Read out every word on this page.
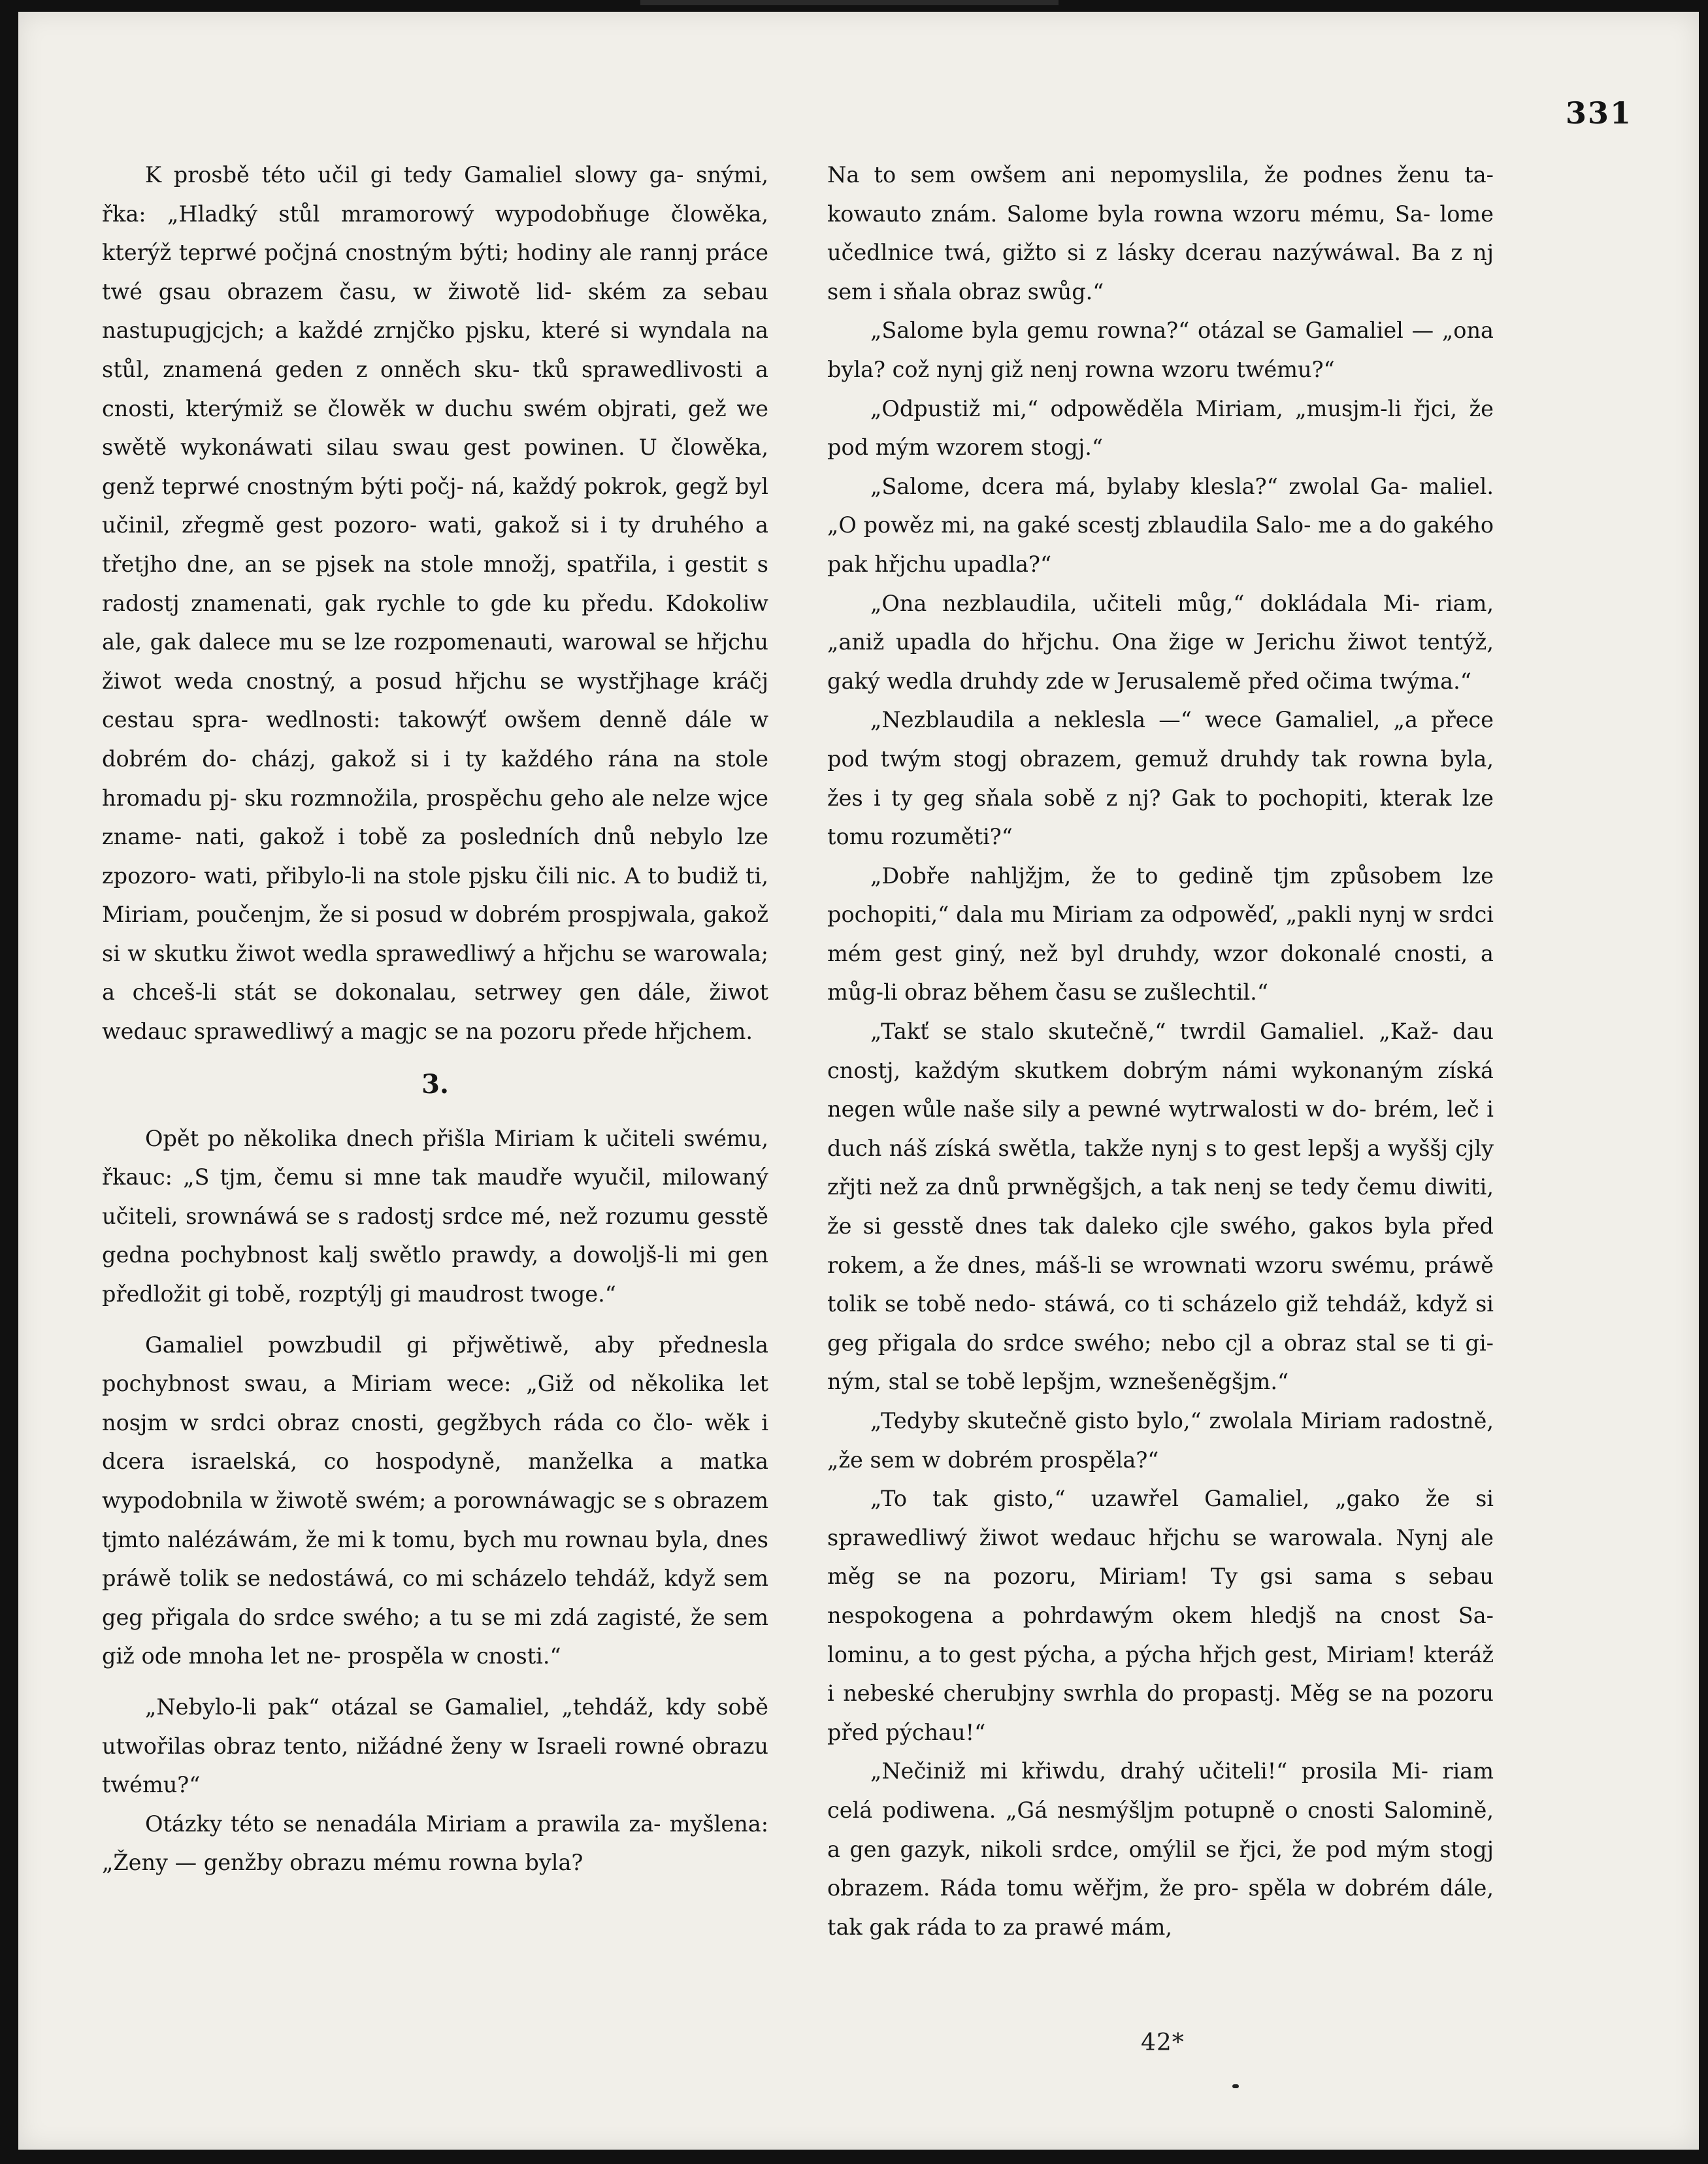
331

K prosbě této učil gi tedy Gamaliel slowy ga- snými, řka: „Hladký stůl mramorowý wypodobňuge člowěka, kterýž teprwé počjná cnostným býti; hodiny ale rannj práce twé gsau obrazem času, w žiwotě lid- ském za sebau nastupugjcjch; a každé zrnjčko pjsku, které si wyndala na stůl, znamená geden z onněch sku- tků sprawedlivosti a cnosti, kterýmiž se člowěk w duchu swém objrati, gež we swětě wykonáwati silau swau gest powinen. U člowěka, genž teprwé cnostným býti počj- ná, každý pokrok, gegž byl učinil, zřegmě gest pozoro- wati, gakož si i ty druhého a třetjho dne, an se pjsek na stole množj, spatřila, i gestit s radostj znamenati, gak rychle to gde ku předu. Kdokoliw ale, gak dalece mu se lze rozpomenauti, warowal se hřjchu žiwot weda cnostný, a posud hřjchu se wystřjhage kráčj cestau spra- wedlnosti: takowýť owšem denně dále w dobrém do- cházj, gakož si i ty každého rána na stole hromadu pj- sku rozmnožila, prospěchu geho ale nelze wjce zname- nati, gakož i tobě za posledních dnů nebylo lze zpozoro- wati, přibylo-li na stole pjsku čili nic. A to budiž ti, Miriam, poučenjm, že si posud w dobrém prospjwala, gakož si w skutku žiwot wedla sprawedliwý a hřjchu se warowala; a chceš-li stát se dokonalau, setrwey gen dále, žiwot wedauc sprawedliwý a magjc se na pozoru přede hřjchem.

3.

Opět po několika dnech přišla Miriam k učiteli swému, řkauc: „S tjm, čemu si mne tak maudře wyučil, milowaný učiteli, srownáwá se s radostj srdce mé, než rozumu gesstě gedna pochybnost kalj swětlo prawdy, a dowoljš-li mi gen předložit gi tobě, rozptýlj gi maudrost twoge.“

Gamaliel powzbudil gi přjwětiwě, aby přednesla pochybnost swau, a Miriam wece: „Giž od několika let nosjm w srdci obraz cnosti, gegžbych ráda co člo- wěk i dcera israelská, co hospodyně, manželka a matka wypodobnila w žiwotě swém; a porownáwagjc se s obrazem tjmto nalézáwám, že mi k tomu, bych mu rownau byla, dnes práwě tolik se nedostáwá, co mi scházelo tehdáž, když sem geg přigala do srdce swého; a tu se mi zdá zagisté, že sem giž ode mnoha let ne- prospěla w cnosti.“

„Nebylo-li pak“ otázal se Gamaliel, „tehdáž, kdy sobě utwořilas obraz tento, nižádné ženy w Israeli rowné obrazu twému?“

Otázky této se nenadála Miriam a prawila za- myšlena: „Ženy — genžby obrazu mému rowna byla?

Na to sem owšem ani nepomyslila, že podnes ženu ta- kowauto znám. Salome byla rowna wzoru mému, Sa- lome učedlnice twá, gižto si z lásky dcerau nazýwáwal. Ba z nj sem i sňala obraz swůg.“

„Salome byla gemu rowna?“ otázal se Gamaliel — „ona byla? což nynj giž nenj rowna wzoru twému?“

„Odpustiž mi,“ odpowěděla Miriam, „musjm-li řjci, že pod mým wzorem stogj.“

„Salome, dcera má, bylaby klesla?“ zwolal Ga- maliel. „O powěz mi, na gaké scestj zblaudila Salo- me a do gakého pak hřjchu upadla?“

„Ona nezblaudila, učiteli můg,“ dokládala Mi- riam, „aniž upadla do hřjchu. Ona žige w Jerichu žiwot tentýž, gaký wedla druhdy zde w Jerusalemě před očima twýma.“

„Nezblaudila a neklesla —“ wece Gamaliel, „a přece pod twým stogj obrazem, gemuž druhdy tak rowna byla, žes i ty geg sňala sobě z nj? Gak to pochopiti, kterak lze tomu rozuměti?“

„Dobře nahljžjm, že to gedině tjm způsobem lze pochopiti,“ dala mu Miriam za odpowěď, „pakli nynj w srdci mém gest giný, než byl druhdy, wzor dokonalé cnosti, a můg-li obraz během času se zušlechtil.“

„Takť se stalo skutečně,“ twrdil Gamaliel. „Kaž- dau cnostj, každým skutkem dobrým námi wykonaným získá negen wůle naše sily a pewné wytrwalosti w do- brém, leč i duch náš získá swětla, takže nynj s to gest lepšj a wyššj cjly zřjti než za dnů prwněgšjch, a tak nenj se tedy čemu diwiti, že si gesstě dnes tak daleko cjle swého, gakos byla před rokem, a že dnes, máš-li se wrownati wzoru swému, práwě tolik se tobě nedo- stáwá, co ti scházelo giž tehdáž, když si geg přigala do srdce swého; nebo cjl a obraz stal se ti gi- ným, stal se tobě lepšjm, wznešeněgšjm.“

„Tedyby skutečně gisto bylo,“ zwolala Miriam radostně, „že sem w dobrém prospěla?“

„To tak gisto,“ uzawřel Gamaliel, „gako že si sprawedliwý žiwot wedauc hřjchu se warowala. Nynj ale měg se na pozoru, Miriam! Ty gsi sama s sebau nespokogena a pohrdawým okem hledjš na cnost Sa- lominu, a to gest pýcha, a pýcha hřjch gest, Miriam! kteráž i nebeské cherubjny swrhla do propastj. Měg se na pozoru před pýchau!“

„Nečiniž mi křiwdu, drahý učiteli!“ prosila Mi- riam celá podiwena. „Gá nesmýšljm potupně o cnosti Salomině, a gen gazyk, nikoli srdce, omýlil se řjci, že pod mým stogj obrazem. Ráda tomu wěřjm, že pro- spěla w dobrém dále, tak gak ráda to za prawé mám,

42*
